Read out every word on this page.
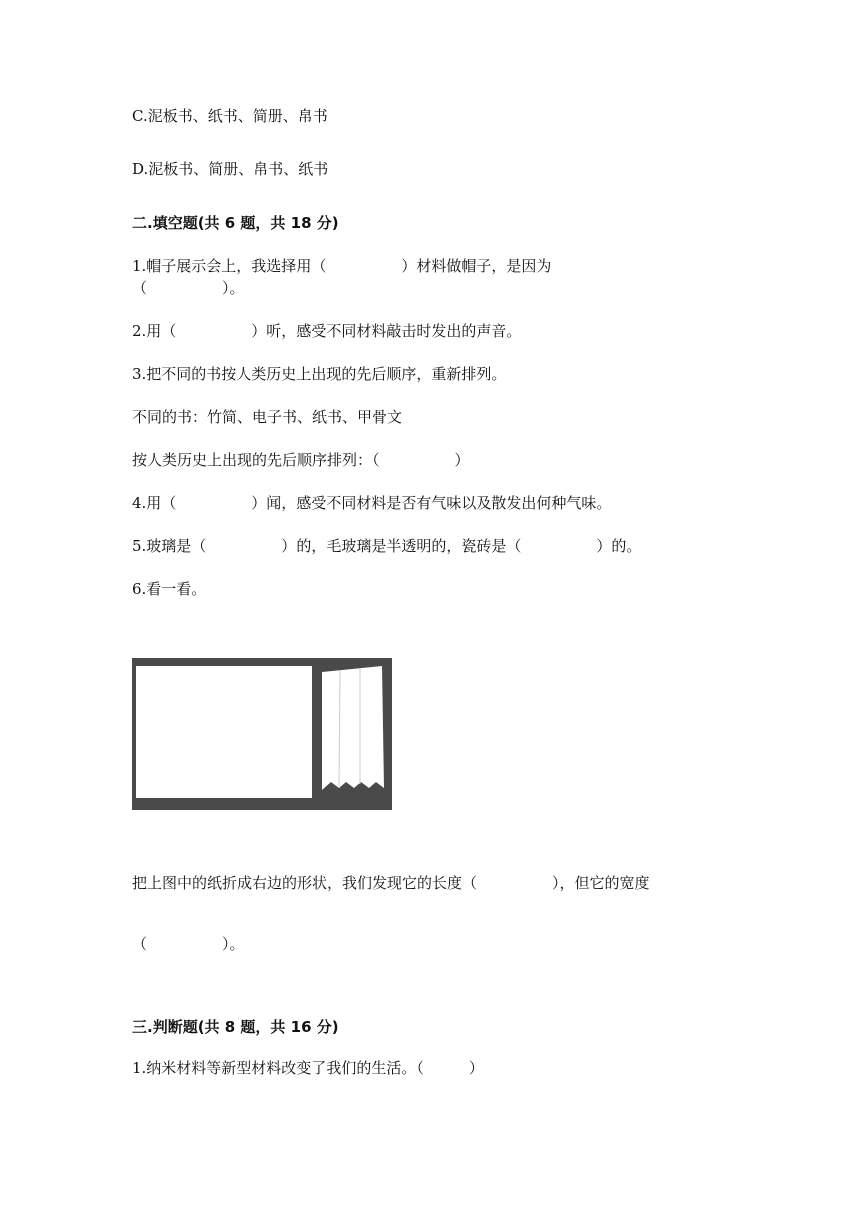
C.泥板书、纸书、简册、帛书
D.泥板书、简册、帛书、纸书
二.填空题(共 6 题，共 18 分)
1.帽子展示会上，我选择用（　　　　　）材料做帽子，是因为
（　　　　　）。
2.用（　　　　　）听，感受不同材料敲击时发出的声音。
3.把不同的书按人类历史上出现的先后顺序，重新排列。
不同的书：竹简、电子书、纸书、甲骨文
按人类历史上出现的先后顺序排列：（　　　　　）
4.用（　　　　　）闻，感受不同材料是否有气味以及散发出何种气味。
5.玻璃是（　　　　　）的，毛玻璃是半透明的，瓷砖是（　　　　　）的。
6.看一看。
把上图中的纸折成右边的形状，我们发现它的长度（　　　　　），但它的宽度
（　　　　　）。
三.判断题(共 8 题，共 16 分)
1.纳米材料等新型材料改变了我们的生活。（　　　）
